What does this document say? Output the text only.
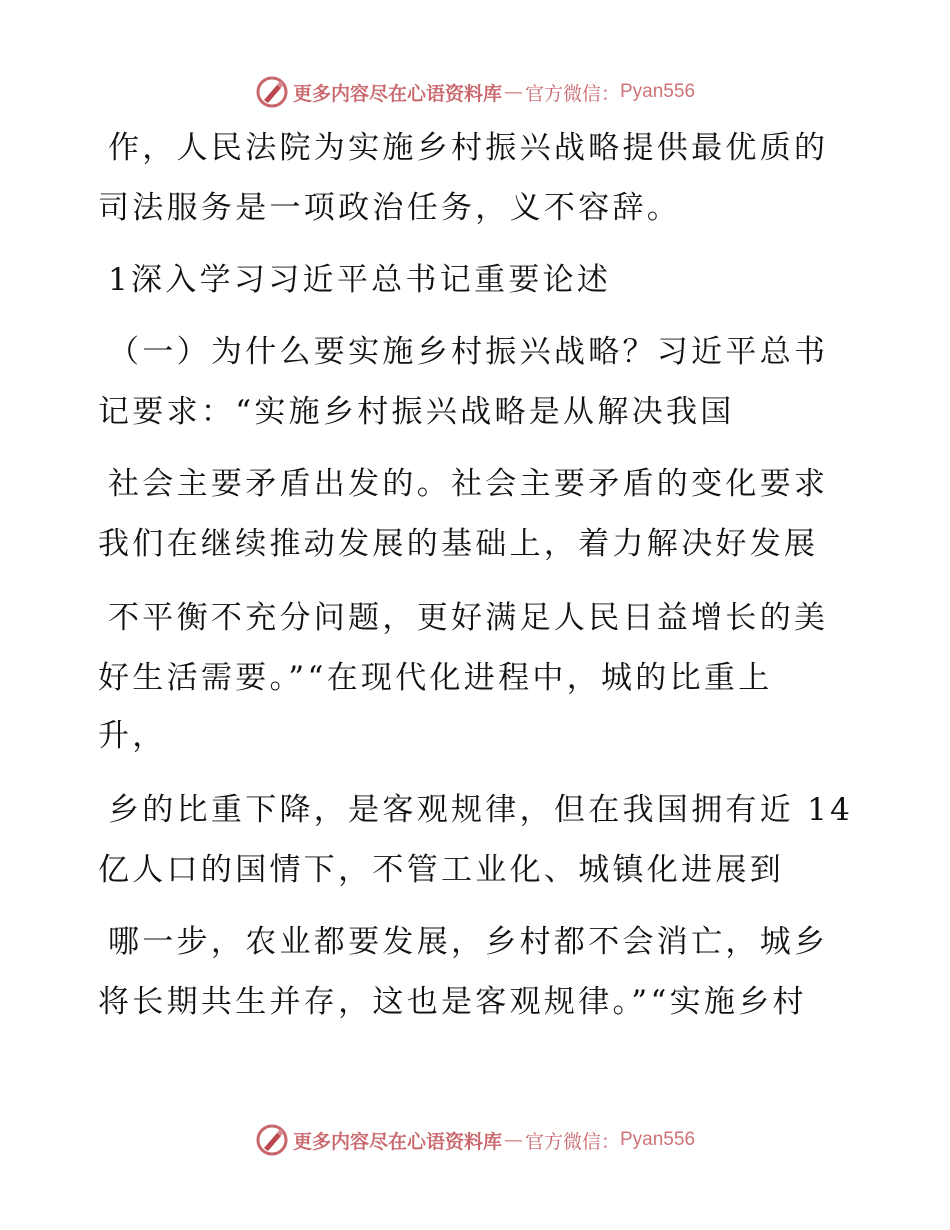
更多内容尽在心语资料库 — 官方微信： Pyan556
作，人民法院为实施乡村振兴战略提供最优质的
司法服务是一项政治任务，义不容辞。
1深入学习习近平总书记重要论述
（一）为什么要实施乡村振兴战略？习近平总书
记要求：“实施乡村振兴战略是从解决我国
社会主要矛盾出发的。社会主要矛盾的变化要求
我们在继续推动发展的基础上，着力解决好发展
不平衡不充分问题，更好满足人民日益增长的美
好生活需要。”“在现代化进程中，城的比重上
升，
乡的比重下降，是客观规律，但在我国拥有近 14
亿人口的国情下，不管工业化、城镇化进展到
哪一步，农业都要发展，乡村都不会消亡，城乡
将长期共生并存，这也是客观规律。”“实施乡村
更多内容尽在心语资料库 — 官方微信： Pyan556
